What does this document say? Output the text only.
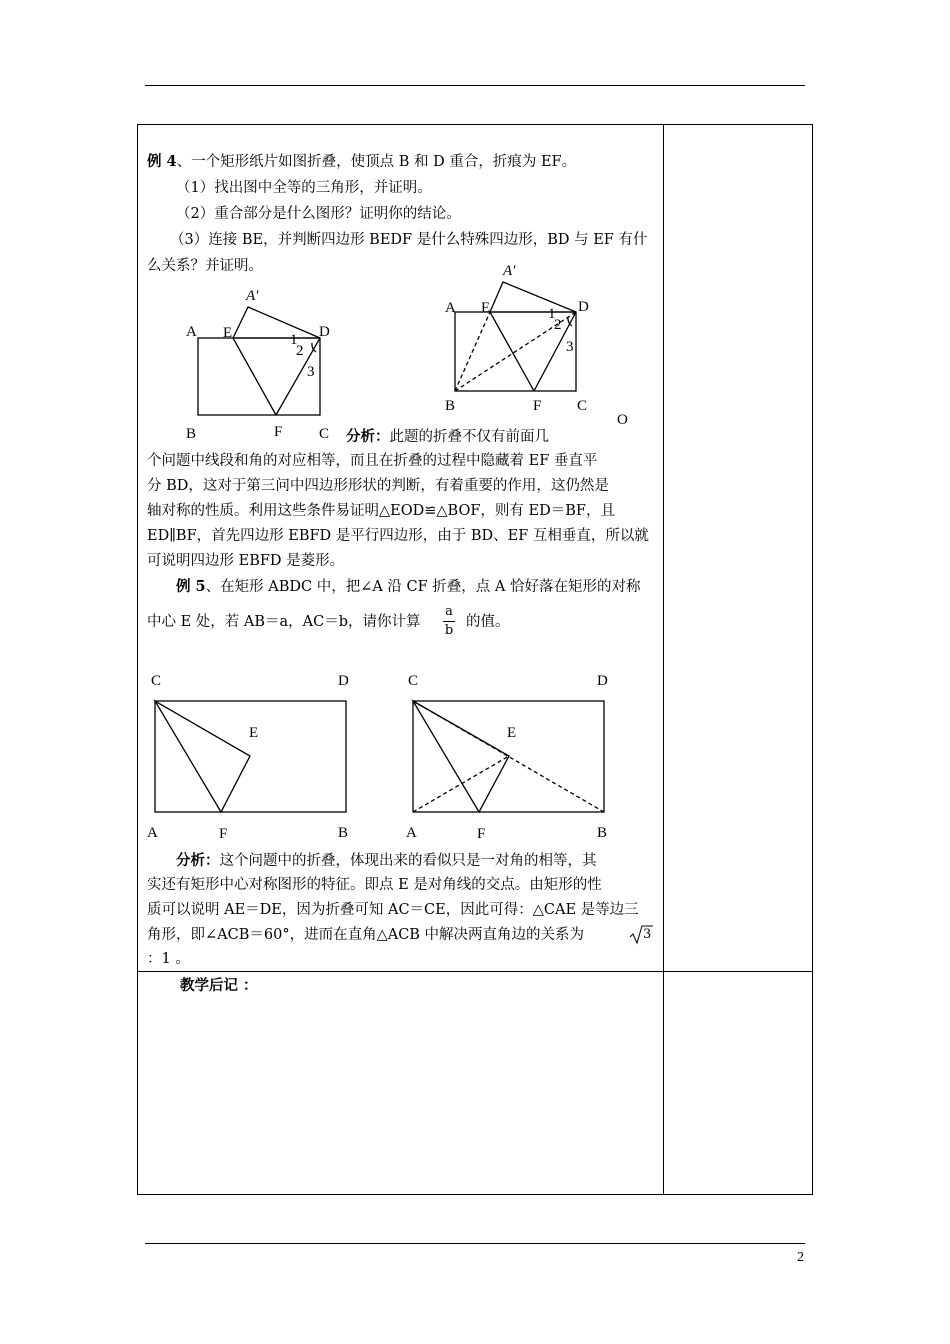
2
例 4、一个矩形纸片如图折叠，使顶点 B 和 D 重合，折痕为 EF。
（1）找出图中全等的三角形，并证明。
（2）重合部分是什么图形？证明你的结论。
（3）连接 BE，并判断四边形 BEDF 是什么特殊四边形，BD 与 EF 有什
么关系？并证明。
A′
A E	D
1
2
3
B	F C
A′
A E	D
1
2
3
B	F C
O
分析：此题的折叠不仅有前面几
个问题中线段和角的对应相等，而且在折叠的过程中隐藏着 EF 垂直平
分 BD，这对于第三问中四边形形状的判断，有着重要的作用，这仍然是
轴对称的性质。利用这些条件易证明△EOD≌△BOF，则有 ED＝BF，且
ED∥BF，首先四边形 EBFD 是平行四边形，由于 BD、EF 互相垂直，所以就
可说明四边形 EBFD 是菱形。
例 5、在矩形 ABDC 中，把∠A 沿 CF 折叠，点 A 恰好落在矩形的对称
中心 E 处，若 AB＝a，AC＝b，请你计算
a
b
的值。
C	D
E
A	F	B
C	D
E
A	F	B
分析：这个问题中的折叠，体现出来的看似只是一对角的相等，其
实还有矩形中心对称图形的特征。即点 E 是对角线的交点。由矩形的性
质可以说明 AE＝DE，因为折叠可知 AC＝CE，因此可得：△CAE 是等边三
角形，即∠ACB＝60°，进而在直角△ACB 中解决两直角边的关系为	3
：1 。
教学后记 ：
